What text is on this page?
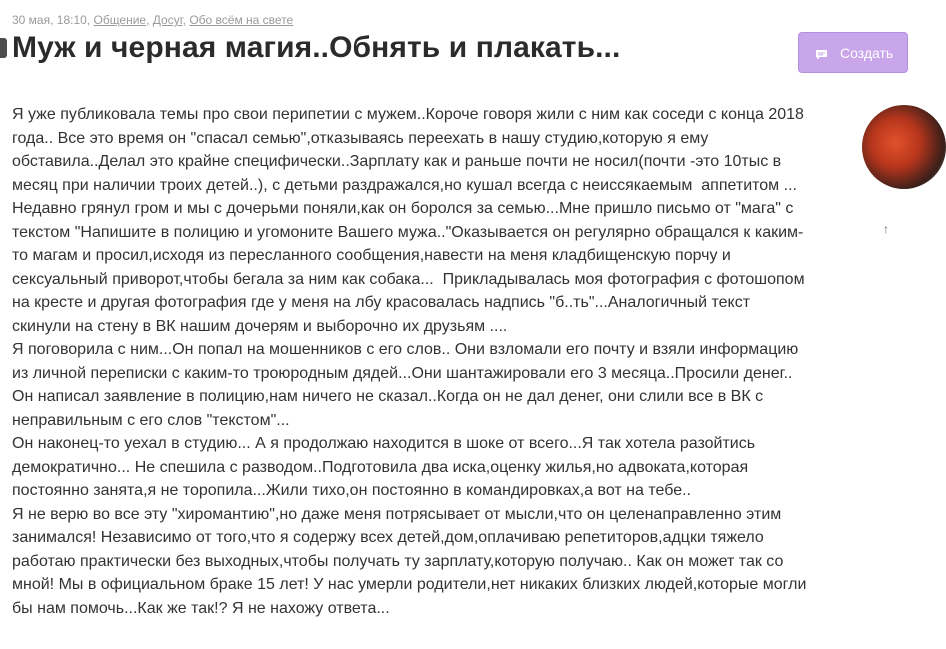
30 мая, 18:10, Общение, Досуг, Обо всём на свете
Муж и черная магия..Обнять и плакать...	Создать
↑
Я уже публиковала темы про свои перипетии с мужем..Короче говоря жили с ним как соседи с конца 2018
года.. Все это время он "спасал семью",отказываясь переехать в нашу студию,которую я ему
обставила..Делал это крайне специфически..Зарплату как и раньше почти не носил(почти -это 10тыс в
месяц при наличии троих детей..), с детьми раздражался,но кушал всегда с неиссякаемым  аппетитом ...
Недавно грянул гром и мы с дочерьми поняли,как он боролся за семью...Мне пришло письмо от "мага" с
текстом "Напишите в полицию и угомоните Вашего мужа.."Оказывается он регулярно обращался к каким-
то магам и просил,исходя из пересланного сообщения,навести на меня кладбищенскую порчу и
сексуальный приворот,чтобы бегала за ним как собака...  Прикладывалась моя фотография с фотошопом
на кресте и другая фотография где у меня на лбу красовалась надпись "б..ть"...Аналогичный текст
скинули на стену в ВК нашим дочерям и выборочно их друзьям ....
Я поговорила с ним...Он попал на мошенников с его слов.. Они взломали его почту и взяли информацию
из личной переписки с каким-то троюродным дядей...Они шантажировали его 3 месяца..Просили денег..
Он написал заявление в полицию,нам ничего не сказал..Когда он не дал денег, они слили все в ВК с
неправильным с его слов "текстом"...
Он наконец-то уехал в студию... А я продолжаю находится в шоке от всего...Я так хотела разойтись
демократично... Не спешила с разводом..Подготовила два иска,оценку жилья,но адвоката,которая
постоянно занята,я не торопила...Жили тихо,он постоянно в командировках,а вот на тебе..
Я не верю во все эту "хиромантию",но даже меня потрясывает от мысли,что он целенаправленно этим
занимался! Независимо от того,что я содержу всех детей,дом,оплачиваю репетиторов,адцки тяжело
работаю практически без выходных,чтобы получать ту зарплату,которую получаю.. Как он может так со
мной! Мы в официальном браке 15 лет! У нас умерли родители,нет никаких близких людей,которые могли
бы нам помочь...Как же так!? Я не нахожу ответа...
